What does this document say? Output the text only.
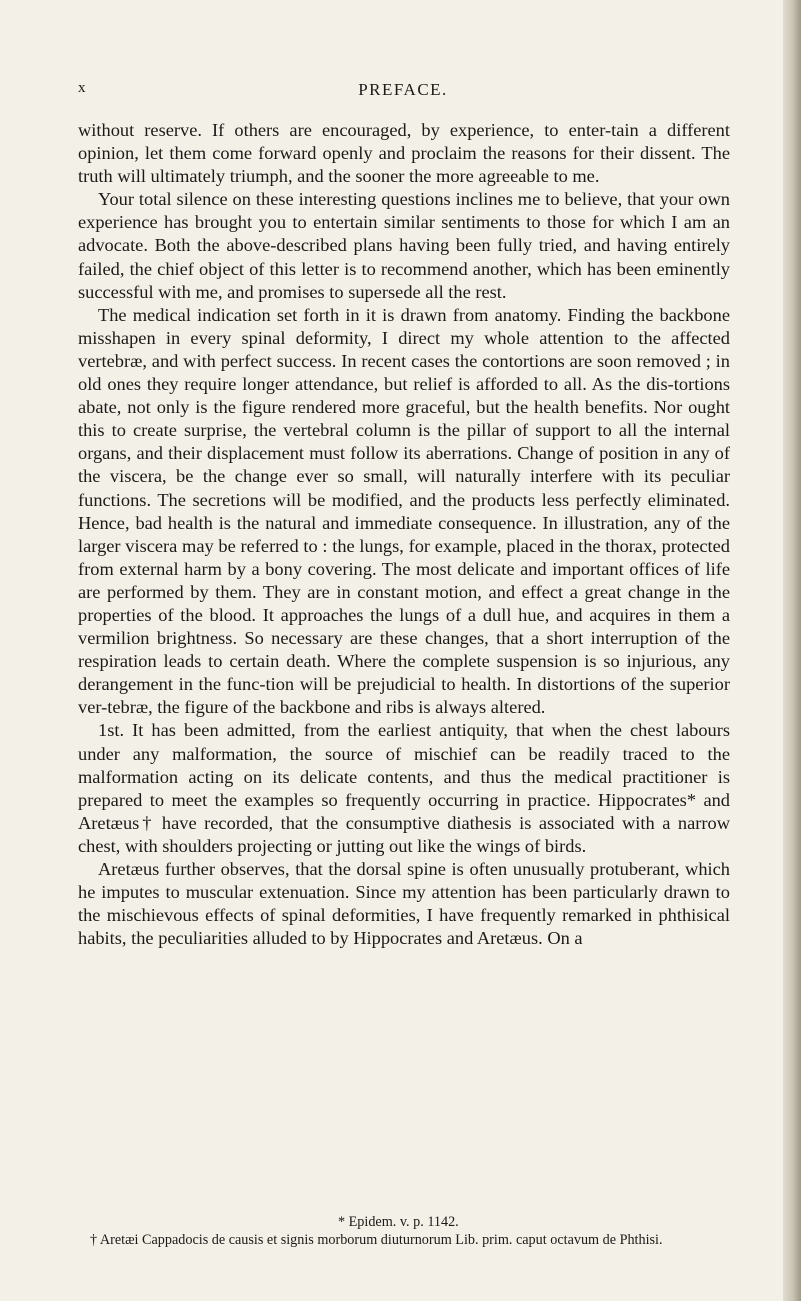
x	PREFACE.

without reserve. If others are encouraged, by experience, to enter-tain a different opinion, let them come forward openly and proclaim the reasons for their dissent. The truth will ultimately triumph, and the sooner the more agreeable to me.

Your total silence on these interesting questions inclines me to believe, that your own experience has brought you to entertain similar sentiments to those for which I am an advocate. Both the above-described plans having been fully tried, and having entirely failed, the chief object of this letter is to recommend another, which has been eminently successful with me, and promises to supersede all the rest.

The medical indication set forth in it is drawn from anatomy. Finding the backbone misshapen in every spinal deformity, I direct my whole attention to the affected vertebræ, and with perfect success. In recent cases the contortions are soon removed ; in old ones they require longer attendance, but relief is afforded to all. As the dis-tortions abate, not only is the figure rendered more graceful, but the health benefits. Nor ought this to create surprise, the vertebral column is the pillar of support to all the internal organs, and their displacement must follow its aberrations. Change of position in any of the viscera, be the change ever so small, will naturally interfere with its peculiar functions. The secretions will be modified, and the products less perfectly eliminated. Hence, bad health is the natural and immediate consequence. In illustration, any of the larger viscera may be referred to : the lungs, for example, placed in the thorax, protected from external harm by a bony covering. The most delicate and important offices of life are performed by them. They are in constant motion, and effect a great change in the properties of the blood. It approaches the lungs of a dull hue, and acquires in them a vermilion brightness. So necessary are these changes, that a short interruption of the respiration leads to certain death. Where the complete suspension is so injurious, any derangement in the func-tion will be prejudicial to health. In distortions of the superior ver-tebræ, the figure of the backbone and ribs is always altered.

1st. It has been admitted, from the earliest antiquity, that when the chest labours under any malformation, the source of mischief can be readily traced to the malformation acting on its delicate contents, and thus the medical practitioner is prepared to meet the examples so frequently occurring in practice. Hippocrates* and Aretæus† have recorded, that the consumptive diathesis is associated with a narrow chest, with shoulders projecting or jutting out like the wings of birds.

Aretæus further observes, that the dorsal spine is often unusually protuberant, which he imputes to muscular extenuation. Since my attention has been particularly drawn to the mischievous effects of spinal deformities, I have frequently remarked in phthisical habits, the peculiarities alluded to by Hippocrates and Aretæus. On a

* Epidem. v. p. 1142.

† Aretæi Cappadocis de causis et signis morborum diuturnorum Lib. prim. caput octavum de Phthisi.
